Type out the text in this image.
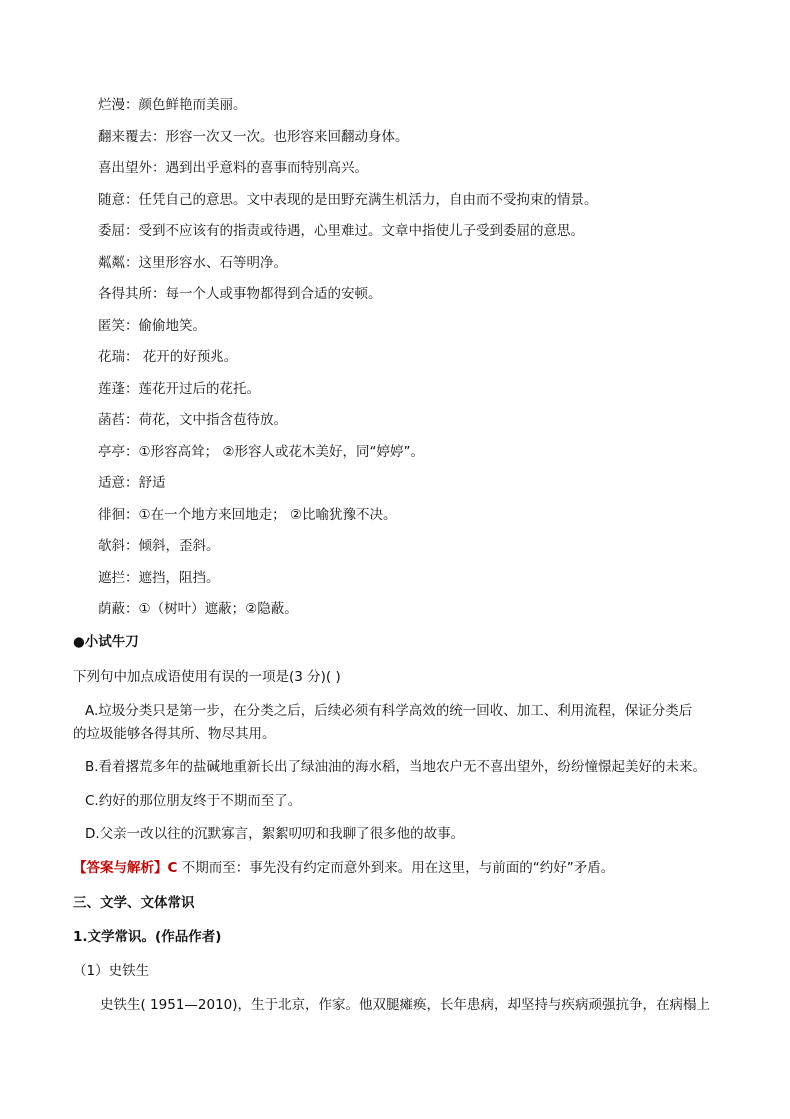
烂漫：颜色鲜艳而美丽。
翻来覆去：形容一次又一次。也形容来回翻动身体。
喜出望外：遇到出乎意料的喜事而特别高兴。
随意：任凭自己的意思。文中表现的是田野充满生机活力，自由而不受拘束的情景。
委屈：受到不应该有的指责或待遇，心里难过。文章中指使儿子受到委屈的意思。
粼粼：这里形容水、石等明净。
各得其所：每一个人或事物都得到合适的安顿。
匿笑：偷偷地笑。
花瑞： 花开的好预兆。
莲蓬：莲花开过后的花托。
菡萏：荷花，文中指含苞待放。
亭亭：①形容高耸； ②形容人或花木美好，同“婷婷”。
适意：舒适
徘徊：①在一个地方来回地走； ②比喻犹豫不决。
欹斜：倾斜，歪斜。
遮拦：遮挡，阻挡。
荫蔽：①（树叶）遮蔽；②隐蔽。
●小试牛刀
下列句中加点成语使用有误的一项是(3 分)( )
A.垃圾分类只是第一步，在分类之后，后续必须有科学高效的统一回收、加工、利用流程，保证分类后
的垃圾能够各得其所、物尽其用。
B.看着撂荒多年的盐碱地重新长出了绿油油的海水稻，当地农户无不喜出望外，纷纷憧憬起美好的未来。
C.约好的那位朋友终于不期而至了。
D.父亲一改以往的沉默寡言，絮絮叨叨和我聊了很多他的故事。
【答案与解析】C 不期而至：事先没有约定而意外到来。用在这里，与前面的“约好”矛盾。
三、文学、文体常识
1.文学常识。(作品作者)
（1）史铁生
史铁生( 1951—2010)，生于北京，作家。他双腿瘫痪，长年患病，却坚持与疾病顽强抗争，在病榻上
